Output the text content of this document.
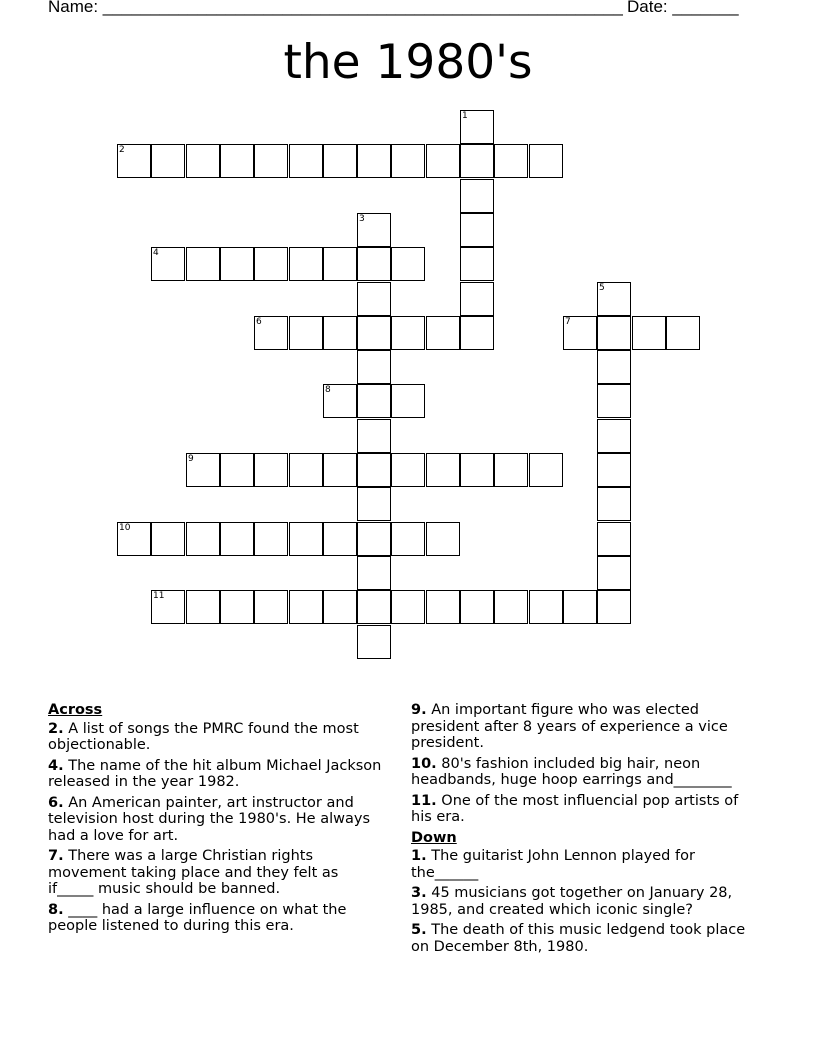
Name: _______________________________________________________ Date: _______
the 1980's
2
4
6	7
8
9
10
11
1
3
5
Across
2. A list of songs the PMRC found the most objectionable.
4. The name of the hit album Michael Jackson released in the year 1982.
6. An American painter, art instructor and television host during the 1980's. He always had a love for art.
7. There was a large Christian rights movement taking place and they felt as if_____ music should be banned.
8. ____ had a large influence on what the people listened to during this era.
9. An important figure who was elected president after 8 years of experience a vice president.
10. 80's fashion included big hair, neon headbands, huge hoop earrings and________
11. One of the most influencial pop artists of his era.
Down
1. The guitarist John Lennon played for the______
3. 45 musicians got together on January 28, 1985, and created which iconic single?
5. The death of this music ledgend took place on December 8th, 1980.
